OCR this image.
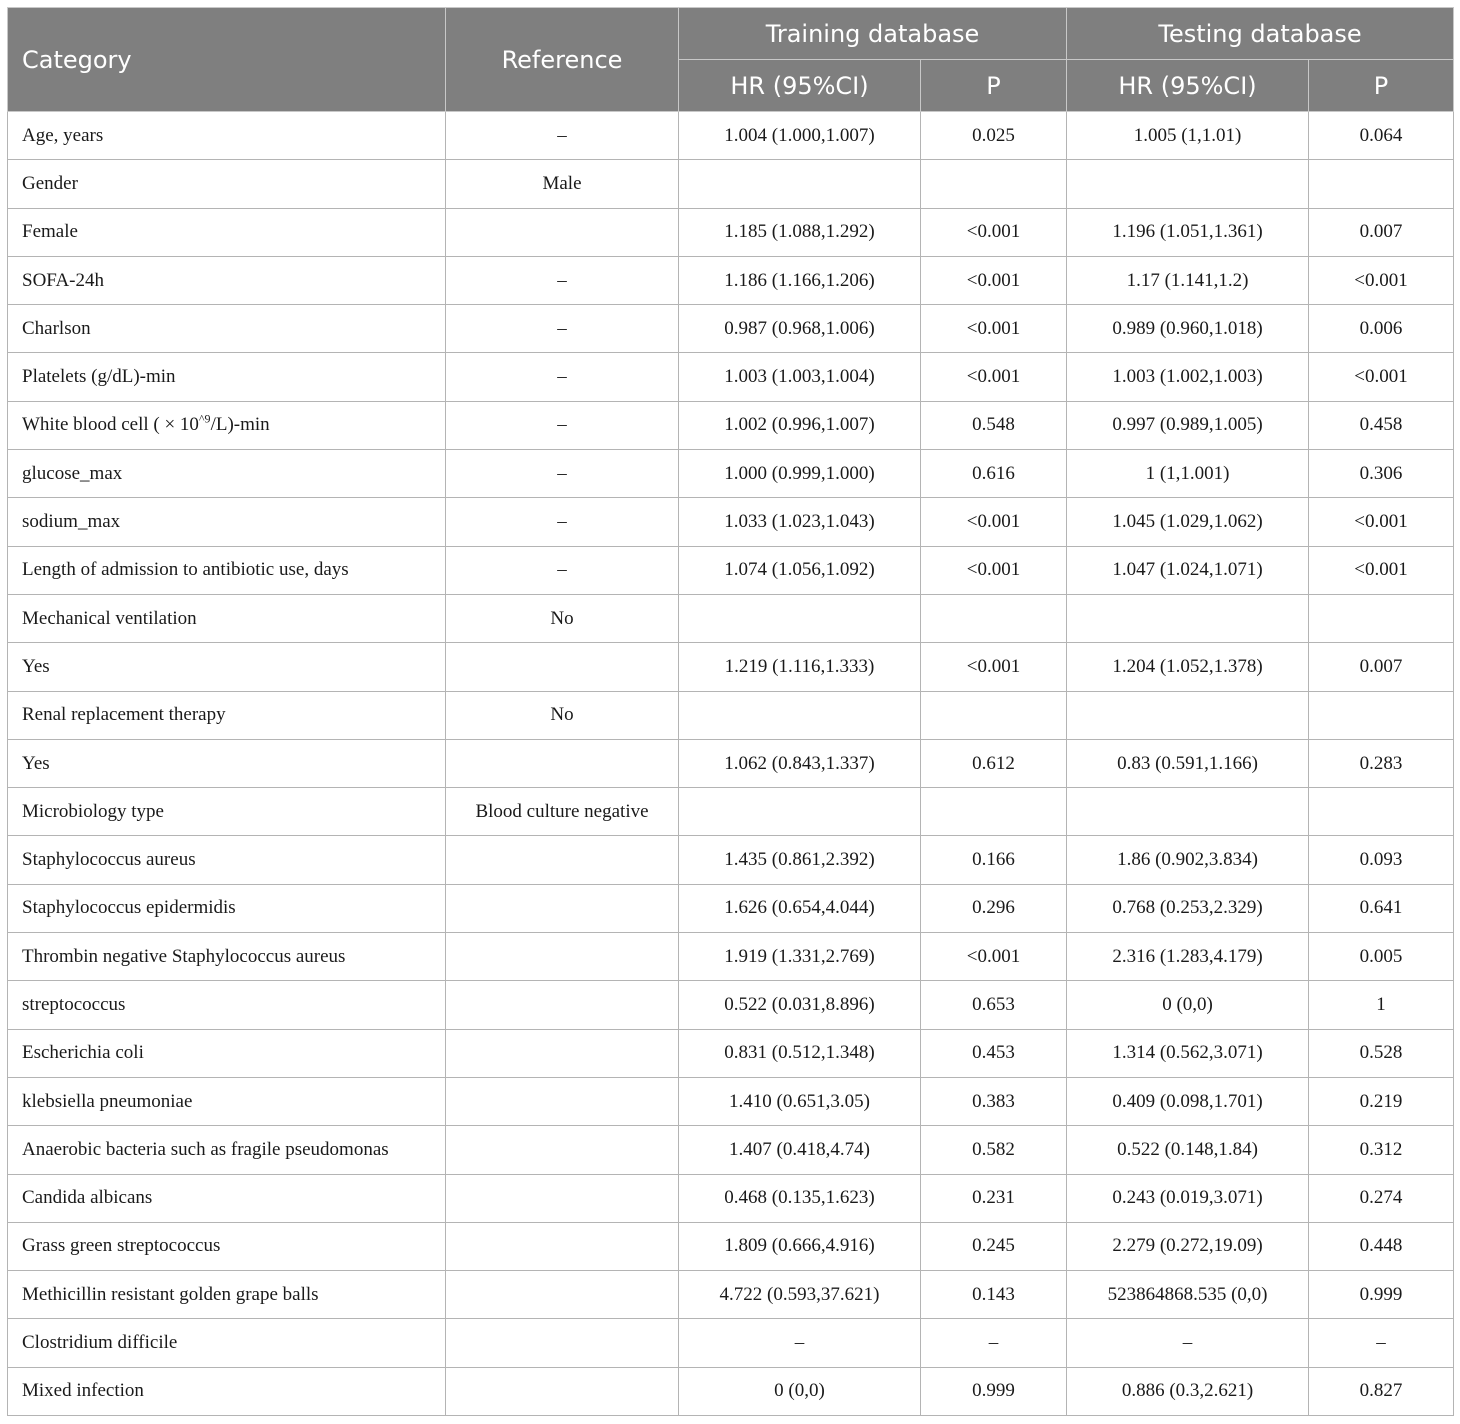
Category	Reference	Training database		Testing database	
		HR (95%CI)	P	HR (95%CI)	P
Age, years	–	1.004 (1.000,1.007)	0.025	1.005 (1,1.01)	0.064
Gender	Male				
Female		1.185 (1.088,1.292)	<0.001	1.196 (1.051,1.361)	0.007
SOFA-24h	–	1.186 (1.166,1.206)	<0.001	1.17 (1.141,1.2)	<0.001
Charlson	–	0.987 (0.968,1.006)	<0.001	0.989 (0.960,1.018)	0.006
Platelets (g/dL)-min	–	1.003 (1.003,1.004)	<0.001	1.003 (1.002,1.003)	<0.001
White blood cell ( × $10^{\^{}9}/L)-\min$	–	1.002 (0.996,1.007)	0.548	0.997 (0.989,1.005)	0.458
glucose_max	–	1.000 (0.999,1.000)	0.616	1 (1,1.001)	0.306
sodium_max	–	1.033 (1.023,1.043)	<0.001	1.045 (1.029,1.062)	<0.001
Length of admission to antibiotic use, days	–	1.074 (1.056,1.092)	<0.001	1.047 (1.024,1.071)	<0.001
Mechanical ventilation	No				
Yes		1.219 (1.116,1.333)	<0.001	1.204 (1.052,1.378)	0.007
Renal replacement therapy	No				
Yes		1.062 (0.843,1.337)	0.612	0.83 (0.591,1.166)	0.283
Microbiology type	Blood culture negative				
Staphylococcus aureus		1.435 (0.861,2.392)	0.166	1.86 (0.902,3.834)	0.093
Staphylococcus epidermidis		1.626 (0.654,4.044)	0.296	0.768 (0.253,2.329)	0.641
Thrombin negative Staphylococcus aureus		1.919 (1.331,2.769)	<0.001	2.316 (1.283,4.179)	0.005
streptococcus		0.522 (0.031,8.896)	0.653	0 (0,0)	1
Escherichia coli		0.831 (0.512,1.348)	0.453	1.314 (0.562,3.071)	0.528
klebsiella pneumoniae		1.410 (0.651,3.05)	0.383	0.409 (0.098,1.701)	0.219
Anaerobic bacteria such as fragile pseudomonas		1.407 (0.418,4.74)	0.582	0.522 (0.148,1.84)	0.312
Candida albicans		0.468 (0.135,1.623)	0.231	0.243 (0.019,3.071)	0.274
Grass green streptococcus		1.809 (0.666,4.916)	0.245	2.279 (0.272,19.09)	0.448
Methicillin resistant golden grape balls		4.722 (0.593,37.621)	0.143	523864868.535 (0,0)	0.999
Clostridium difficile		–	–	–	–
Mixed infection		0 (0,0)	0.999	0.886 (0.3,2.621)	0.827
